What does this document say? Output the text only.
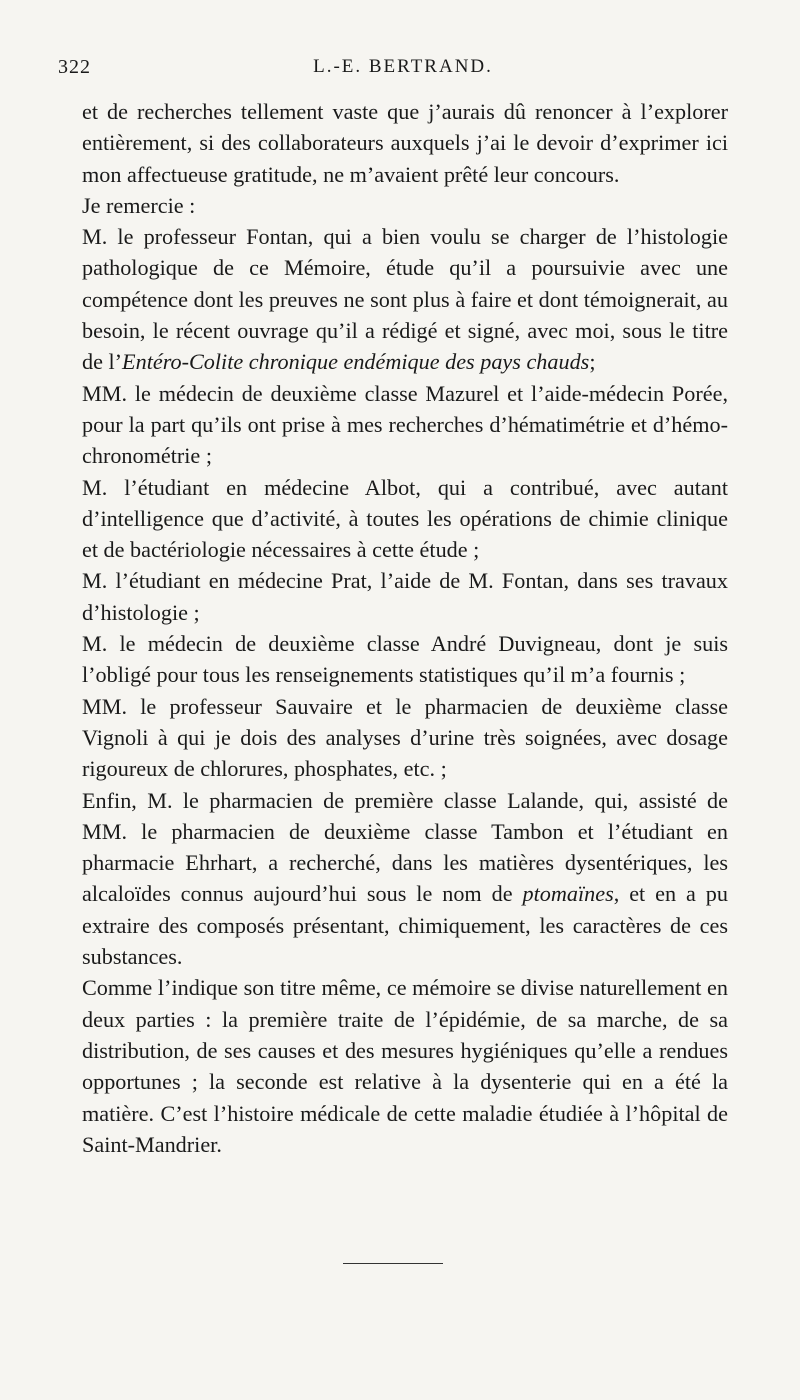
322	L.-E. BERTRAND.

et de recherches tellement vaste que j’aurais dû renoncer à l’explorer entièrement, si des collaborateurs auxquels j’ai le devoir d’exprimer ici mon affectueuse gratitude, ne m’avaient prêté leur concours.

Je remercie :

M. le professeur Fontan, qui a bien voulu se charger de l’histologie pathologique de ce Mémoire, étude qu’il a poursuivie avec une compétence dont les preuves ne sont plus à faire et dont témoignerait, au besoin, le récent ouvrage qu’il a rédigé et signé, avec moi, sous le titre de l’Entéro-Colite chronique endémique des pays chauds;

MM. le médecin de deuxième classe Mazurel et l’aide-médecin Porée, pour la part qu’ils ont prise à mes recherches d’hématimétrie et d’hémo-chronométrie ;

M. l’étudiant en médecine Albot, qui a contribué, avec autant d’intelligence que d’activité, à toutes les opérations de chimie clinique et de bactériologie nécessaires à cette étude ;

M. l’étudiant en médecine Prat, l’aide de M. Fontan, dans ses travaux d’histologie ;

M. le médecin de deuxième classe André Duvigneau, dont je suis l’obligé pour tous les renseignements statistiques qu’il m’a fournis ;

MM. le professeur Sauvaire et le pharmacien de deuxième classe Vignoli à qui je dois des analyses d’urine très soignées, avec dosage rigoureux de chlorures, phosphates, etc. ;

Enfin, M. le pharmacien de première classe Lalande, qui, assisté de MM. le pharmacien de deuxième classe Tambon et l’étudiant en pharmacie Ehrhart, a recherché, dans les matières dysentériques, les alcaloïdes connus aujourd’hui sous le nom de ptomaïnes, et en a pu extraire des composés présentant, chimiquement, les caractères de ces substances.

Comme l’indique son titre même, ce mémoire se divise naturellement en deux parties : la première traite de l’épidémie, de sa marche, de sa distribution, de ses causes et des mesures hygiéniques qu’elle a rendues opportunes ; la seconde est relative à la dysenterie qui en a été la matière. C’est l’histoire médicale de cette maladie étudiée à l’hôpital de Saint-Mandrier.
